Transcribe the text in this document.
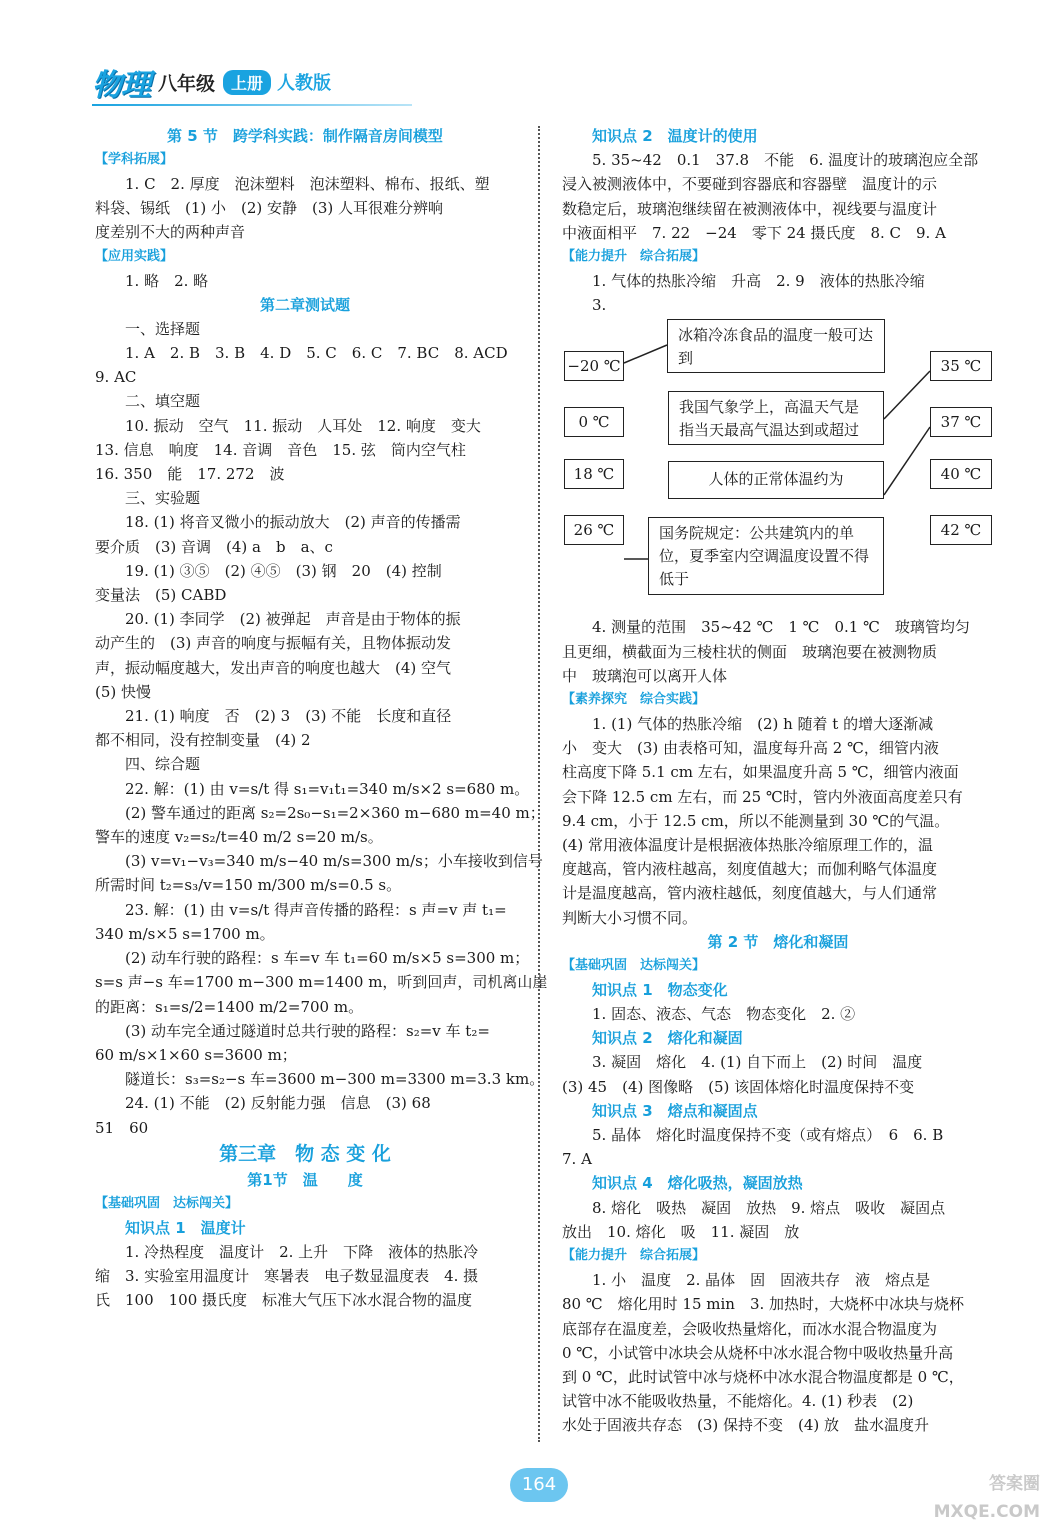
物理 八年级	上册 人教版
第 5 节　跨学科实践：制作隔音房间模型
【学科拓展】
1. C　2. 厚度　泡沫塑料　泡沫塑料、棉布、报纸、塑
料袋、锡纸　(1) 小　(2) 安静　(3) 人耳很难分辨响
度差别不大的两种声音
【应用实践】
1. 略　2. 略
第二章测试题
一、选择题
1. A　2. B　3. B　4. D　5. C　6. C　7. BC　8. ACD
9. AC
二、填空题
10. 振动　空气　11. 振动　人耳处　12. 响度　变大
13. 信息　响度　14. 音调　音色　15. 弦　筒内空气柱
16. 350　能　17. 272　波
三、实验题
18. (1) 将音叉微小的振动放大　(2) 声音的传播需
要介质　(3) 音调　(4) a　b　a、c
19. (1) ③⑤　(2) ④⑤　(3) 钢　20　(4) 控制
变量法　(5) CABD
20. (1) 李同学　(2) 被弹起　声音是由于物体的振
动产生的　(3) 声音的响度与振幅有关，且物体振动发
声，振动幅度越大，发出声音的响度也越大　(4) 空气
(5) 快慢
21. (1) 响度　否　(2) 3　(3) 不能　长度和直径
都不相同，没有控制变量　(4) 2
四、综合题
22. 解：(1) 由 v=s/t 得 s₁=v₁t₁=340 m/s×2 s=680 m。
(2) 警车通过的距离 s₂=2s₀−s₁=2×360 m−680 m=40 m；
警车的速度 v₂=s₂/t=40 m/2 s=20 m/s。
(3) v=v₁−v₃=340 m/s−40 m/s=300 m/s；小车接收到信号
所需时间 t₂=s₃/v=150 m/300 m/s=0.5 s。
23. 解：(1) 由 v=s/t 得声音传播的路程：s 声=v 声 t₁=
340 m/s×5 s=1700 m。
(2) 动车行驶的路程：s 车=v 车 t₁=60 m/s×5 s=300 m；
s=s 声−s 车=1700 m−300 m=1400 m，听到回声，司机离山崖
的距离：s₁=s/2=1400 m/2=700 m。
(3) 动车完全通过隧道时总共行驶的路程：s₂=v 车 t₂=
60 m/s×1×60 s=3600 m；
隧道长：s₃=s₂−s 车=3600 m−300 m=3300 m=3.3 km。
24. (1) 不能　(2) 反射能力强　信息　(3) 68
51　60
第三章　物 态 变 化
第1节　温　　度
【基础巩固　达标闯关】
知识点 1　温度计
1. 冷热程度　温度计　2. 上升　下降　液体的热胀冷
缩　3. 实验室用温度计　寒暑表　电子数显温度表　4. 摄
氏　100　100 摄氏度　标准大气压下冰水混合物的温度
知识点 2　温度计的使用
5. 35~42　0.1　37.8　不能　6. 温度计的玻璃泡应全部
浸入被测液体中，不要碰到容器底和容器壁　温度计的示
数稳定后，玻璃泡继续留在被测液体中，视线要与温度计
中液面相平　7. 22　−24　零下 24 摄氏度　8. C　9. A
【能力提升　综合拓展】
1. 气体的热胀冷缩　升高　2. 9　液体的热胀冷缩
3.
−20 ℃
0 ℃
18 ℃
26 ℃
冰箱冷冻食品的温度一般可达到
我国气象学上，高温天气是指当天最高气温达到或超过
人体的正常体温约为
国务院规定：公共建筑内的单位，夏季室内空调温度设置不得低于
35 ℃
37 ℃
40 ℃
42 ℃
4. 测量的范围　35~42 ℃　1 ℃　0.1 ℃　玻璃管均匀
且更细，横截面为三棱柱状的侧面　玻璃泡要在被测物质
中　玻璃泡可以离开人体
【素养探究　综合实践】
1. (1) 气体的热胀冷缩　(2) h 随着 t 的增大逐渐减
小　变大　(3) 由表格可知，温度每升高 2 ℃，细管内液
柱高度下降 5.1 cm 左右，如果温度升高 5 ℃，细管内液面
会下降 12.5 cm 左右，而 25 ℃时，管内外液面高度差只有
9.4 cm，小于 12.5 cm，所以不能测量到 30 ℃的气温。
(4) 常用液体温度计是根据液体热胀冷缩原理工作的，温
度越高，管内液柱越高，刻度值越大；而伽利略气体温度
计是温度越高，管内液柱越低，刻度值越大，与人们通常
判断大小习惯不同。
第 2 节　熔化和凝固
【基础巩固　达标闯关】
知识点 1　物态变化
1. 固态、液态、气态　物态变化　2. ②
知识点 2　熔化和凝固
3. 凝固　熔化　4. (1) 自下而上　(2) 时间　温度
(3) 45　(4) 图像略　(5) 该固体熔化时温度保持不变
知识点 3　熔点和凝固点
5. 晶体　熔化时温度保持不变（或有熔点）　6　6. B
7. A
知识点 4　熔化吸热，凝固放热
8. 熔化　吸热　凝固　放热　9. 熔点　吸收　凝固点
放出　10. 熔化　吸　11. 凝固　放
【能力提升　综合拓展】
1. 小　温度　2. 晶体　固　固液共存　液　熔点是
80 ℃　熔化用时 15 min　3. 加热时，大烧杯中冰块与烧杯
底部存在温度差，会吸收热量熔化，而冰水混合物温度为
0 ℃，小试管中冰块会从烧杯中冰水混合物中吸收热量升高
到 0 ℃，此时试管中冰与烧杯中冰水混合物温度都是 0 ℃，
试管中冰不能吸收热量，不能熔化。4. (1) 秒表　(2)
水处于固液共存态　(3) 保持不变　(4) 放　盐水温度升
164	答案圈 MXQE.COM
